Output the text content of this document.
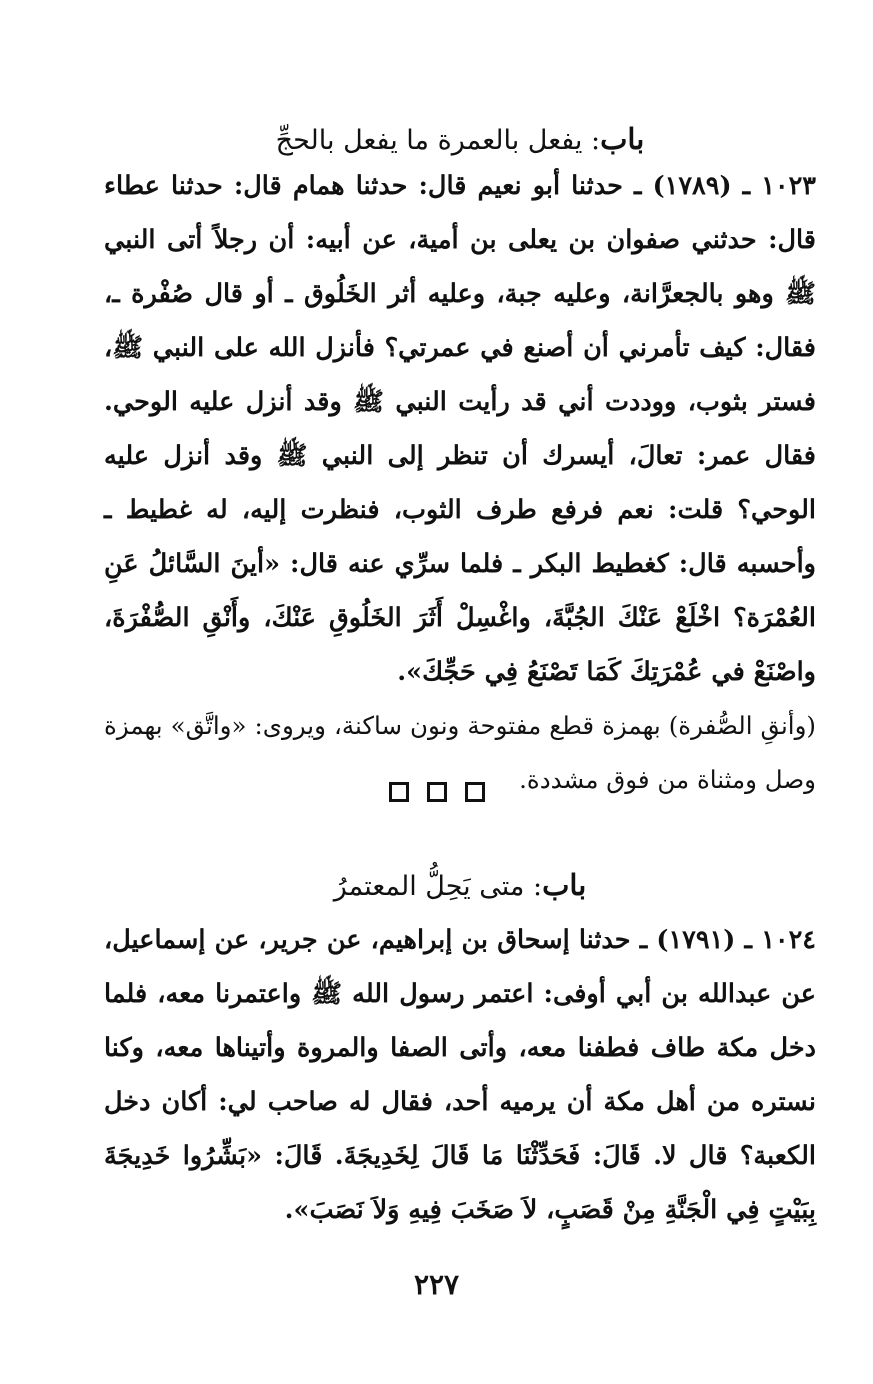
باب: يفعل بالعمرة ما يفعل بالحجِّ

١٠٢٣ ـ (١٧٨٩) ـ حدثنا أبو نعيم قال: حدثنا همام قال: حدثنا عطاء قال: حدثني صفوان بن يعلى بن أمية، عن أبيه: أن رجلاً أتى النبي ﷺ وهو بالجعرَّانة، وعليه جبة، وعليه أثر الخَلُوق ـ أو قال صُفْرة ـ، فقال: كيف تأمرني أن أصنع في عمرتي؟ فأنزل الله على النبي ﷺ، فستر بثوب، ووددت أني قد رأيت النبي ﷺ وقد أنزل عليه الوحي. فقال عمر: تعالَ، أيسرك أن تنظر إلى النبي ﷺ وقد أنزل عليه الوحي؟ قلت: نعم فرفع طرف الثوب، فنظرت إليه، له غطيط ـ وأحسبه قال: كغطيط البكر ـ فلما سرِّي عنه قال: «أينَ السَّائلُ عَنِ العُمْرَة؟ اخْلَعْ عَنْكَ الجُبَّةَ، واغْسِلْ أَثَرَ الخَلُوقِ عَنْكَ، وأَنْقِ الصُّفْرَةَ، واصْنَعْ في عُمْرَتِكَ كَمَا تَصْنَعُ فِي حَجِّكَ».

(وأنقِ الصُّفرة) بهمزة قطع مفتوحة ونون ساكنة، ويروى: «واتَّق» بهمزة وصل ومثناة من فوق مشددة.

باب: متى يَحِلُّ المعتمرُ

١٠٢٤ ـ (١٧٩١) ـ حدثنا إسحاق بن إبراهيم، عن جرير، عن إسماعيل، عن عبدالله بن أبي أوفى: اعتمر رسول الله ﷺ واعتمرنا معه، فلما دخل مكة طاف فطفنا معه، وأتى الصفا والمروة وأتيناها معه، وكنا نستره من أهل مكة أن يرميه أحد، فقال له صاحب لي: أكان دخل الكعبة؟ قال لا. قَالَ: فَحَدِّثْنَا مَا قَالَ لِخَدِيجَةَ. قَالَ: «بَشِّرُوا خَدِيجَةَ بِبَيْتٍ فِي الْجَنَّةِ مِنْ قَصَبٍ، لاَ صَخَبَ فِيهِ وَلاَ نَصَبَ».

٢٢٧
